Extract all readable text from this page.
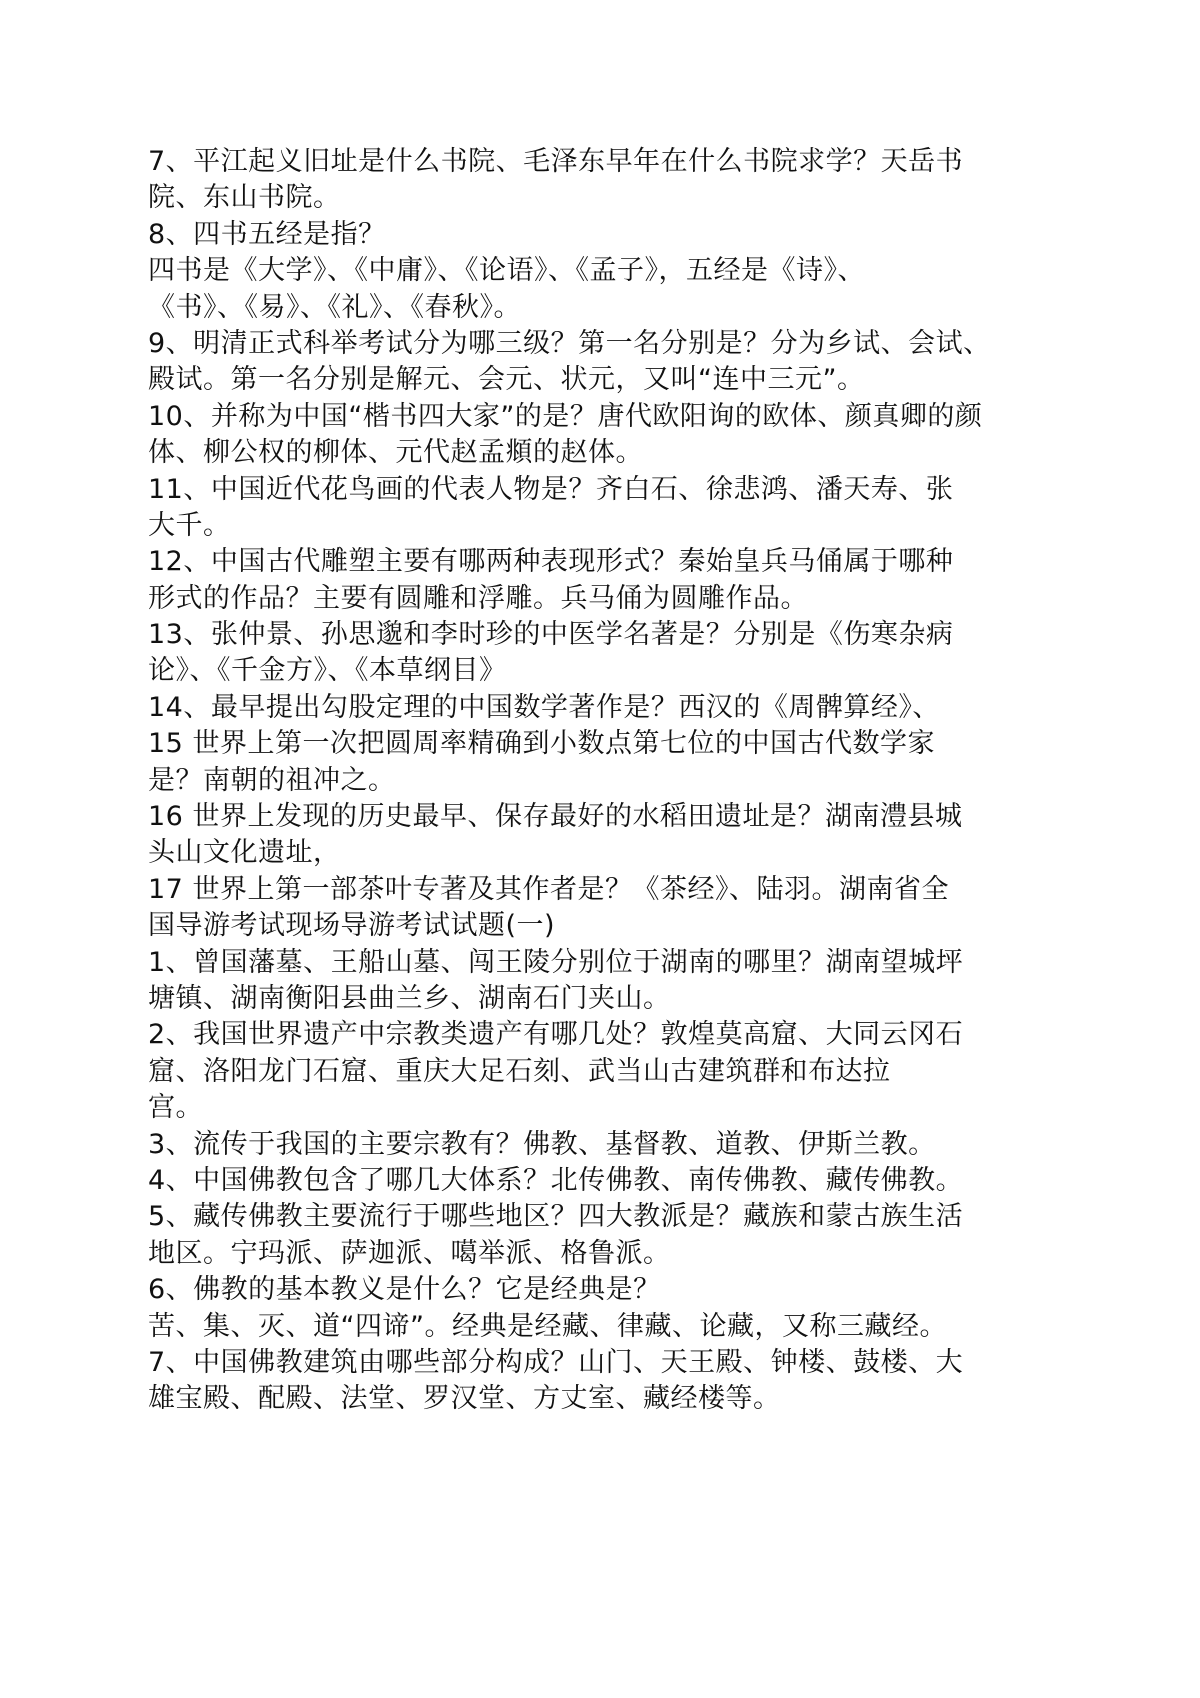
7、平江起义旧址是什么书院、毛泽东早年在什么书院求学？天岳书
院、东山书院。
8、四书五经是指？
四书是《大学》、《中庸》、《论语》、《孟子》，五经是《诗》、
《书》、《易》、《礼》、《春秋》。
9、明清正式科举考试分为哪三级？第一名分别是？分为乡试、会试、
殿试。第一名分别是解元、会元、状元，又叫“连中三元”。
10、并称为中国“楷书四大家”的是？唐代欧阳询的欧体、颜真卿的颜
体、柳公权的柳体、元代赵孟頫的赵体。
11、中国近代花鸟画的代表人物是？齐白石、徐悲鸿、潘天寿、张
大千。
12、中国古代雕塑主要有哪两种表现形式？秦始皇兵马俑属于哪种
形式的作品？主要有圆雕和浮雕。兵马俑为圆雕作品。
13、张仲景、孙思邈和李时珍的中医学名著是？分别是《伤寒杂病
论》、《千金方》、《本草纲目》
14、最早提出勾股定理的中国数学著作是？西汉的《周髀算经》、
15 世界上第一次把圆周率精确到小数点第七位的中国古代数学家
是？南朝的祖冲之。
16 世界上发现的历史最早、保存最好的水稻田遗址是？湖南澧县城
头山文化遗址，
17 世界上第一部茶叶专著及其作者是？《茶经》、陆羽。湖南省全
国导游考试现场导游考试试题(一)
1、曾国藩墓、王船山墓、闯王陵分别位于湖南的哪里？湖南望城坪
塘镇、湖南衡阳县曲兰乡、湖南石门夹山。
2、我国世界遗产中宗教类遗产有哪几处？敦煌莫高窟、大同云冈石
窟、洛阳龙门石窟、重庆大足石刻、武当山古建筑群和布达拉
宫。
3、流传于我国的主要宗教有？佛教、基督教、道教、伊斯兰教。
4、中国佛教包含了哪几大体系？北传佛教、南传佛教、藏传佛教。
5、藏传佛教主要流行于哪些地区？四大教派是？藏族和蒙古族生活
地区。宁玛派、萨迦派、噶举派、格鲁派。
6、佛教的基本教义是什么？它是经典是？
苦、集、灭、道“四谛”。经典是经藏、律藏、论藏，又称三藏经。
7、中国佛教建筑由哪些部分构成？山门、天王殿、钟楼、鼓楼、大
雄宝殿、配殿、法堂、罗汉堂、方丈室、藏经楼等。
